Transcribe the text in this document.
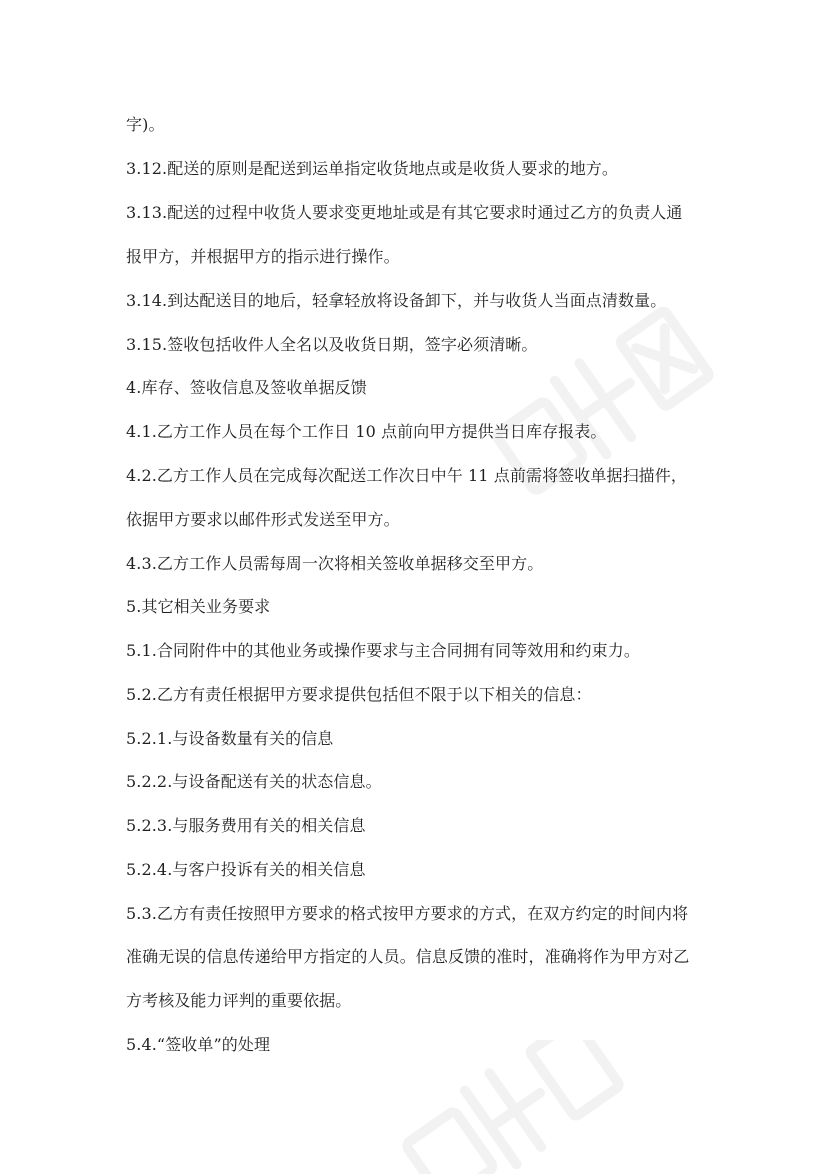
字)。
3.12.配送的原则是配送到运单指定收货地点或是收货人要求的地方。
3.13.配送的过程中收货人要求变更地址或是有其它要求时通过乙方的负责人通
报甲方，并根据甲方的指示进行操作。
3.14.到达配送目的地后，轻拿轻放将设备卸下，并与收货人当面点清数量。
3.15.签收包括收件人全名以及收货日期，签字必须清晰。
4.库存、签收信息及签收单据反馈
4.1.乙方工作人员在每个工作日 10 点前向甲方提供当日库存报表。
4.2.乙方工作人员在完成每次配送工作次日中午 11 点前需将签收单据扫描件，
依据甲方要求以邮件形式发送至甲方。
4.3.乙方工作人员需每周一次将相关签收单据移交至甲方。
5.其它相关业务要求
5.1.合同附件中的其他业务或操作要求与主合同拥有同等效用和约束力。
5.2.乙方有责任根据甲方要求提供包括但不限于以下相关的信息：
5.2.1.与设备数量有关的信息
5.2.2.与设备配送有关的状态信息。
5.2.3.与服务费用有关的相关信息
5.2.4.与客户投诉有关的相关信息
5.3.乙方有责任按照甲方要求的格式按甲方要求的方式，在双方约定的时间内将
准确无误的信息传递给甲方指定的人员。信息反馈的准时，准确将作为甲方对乙
方考核及能力评判的重要依据。
5.4.“签收单”的处理
